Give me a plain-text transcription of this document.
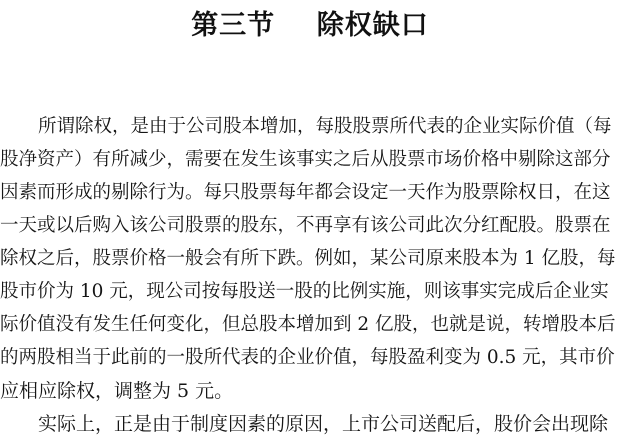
第三节    除权缺口
所谓除权，是由于公司股本增加，每股股票所代表的企业实际价值（每
股净资产）有所减少，需要在发生该事实之后从股票市场价格中剔除这部分
因素而形成的剔除行为。每只股票每年都会设定一天作为股票除权日，在这
一天或以后购入该公司股票的股东，不再享有该公司此次分红配股。股票在
除权之后，股票价格一般会有所下跌。例如，某公司原来股本为 1 亿股，每
股市价为 10 元，现公司按每股送一股的比例实施，则该事实完成后企业实
际价值没有发生任何变化，但总股本增加到 2 亿股，也就是说，转增股本后
的两股相当于此前的一股所代表的企业价值，每股盈利变为 0.5 元，其市价
应相应除权，调整为 5 元。
实际上，正是由于制度因素的原因，上市公司送配后，股价会出现除
